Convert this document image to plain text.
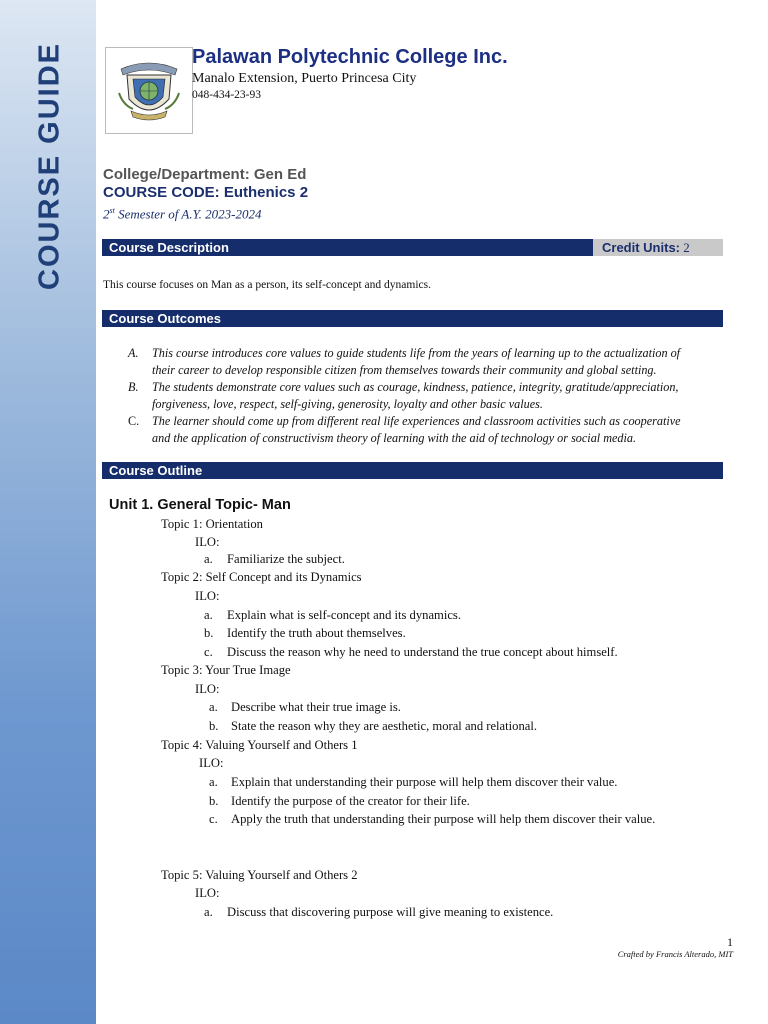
COURSE GUIDE	Palawan Polytechnic College Inc.
Manalo Extension, Puerto Princesa City
048-434-23-93
College/Department: Gen Ed
COURSE CODE: Euthenics 2
2st Semester of A.Y. 2023-2024
Course Description	Credit Units: 2
This course focuses on Man as a person, its self-concept and dynamics.
Course Outcomes
A.	This course introduces core values to guide students life from the years of learning up to the actualization of
their career to develop responsible citizen from themselves towards their community and global setting.
B.	The students demonstrate core values such as courage, kindness, patience, integrity, gratitude/appreciation,
forgiveness, love, respect, self-giving, generosity, loyalty and other basic values.
C.	The learner should come up from different real life experiences and classroom activities such as cooperative
and the application of constructivism theory of learning with the aid of technology or social media.
Course Outline
Unit 1. General Topic- Man
Topic 1: Orientation
ILO:
a. Familiarize the subject.
Topic 2: Self Concept and its Dynamics
ILO:
a. Explain what is self-concept and its dynamics.
b. Identify the truth about themselves.
c. Discuss the reason why he need to understand the true concept about himself.
Topic 3: Your True Image
ILO:
a. Describe what their true image is.
b. State the reason why they are aesthetic, moral and relational.
Topic 4: Valuing Yourself and Others 1
ILO:
a. Explain that understanding their purpose will help them discover their value.
b. Identify the purpose of the creator for their life.
c. Apply the truth that understanding their purpose will help them discover their value.
Topic 5: Valuing Yourself and Others 2
ILO:
a. Discuss that discovering purpose will give meaning to existence.
1
Crafted by Francis Alterado, MIT
